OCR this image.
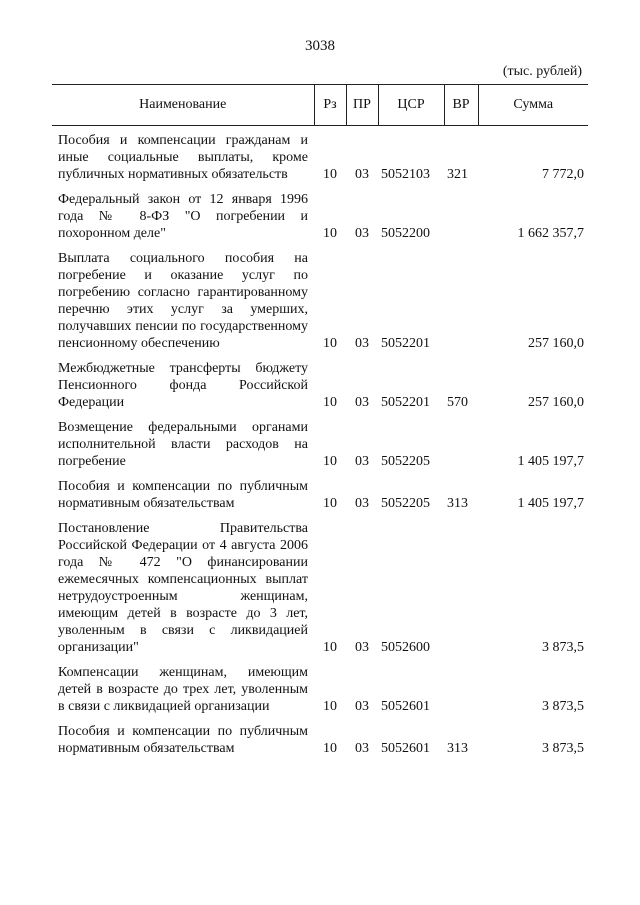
3038
(тыс. рублей)
Наименование	Рз	ПР	ЦСР	ВР	Сумма
Пособия и компенсации гражданам и иные социальные выплаты, кроме публичных нормативных обязательств	10	03	5052103	321	7 772,0
Федеральный закон от 12 января 1996 года № 8-ФЗ "О погребении и похоронном деле"	10	03	5052200		1 662 357,7
Выплата социального пособия на погребение и оказание услуг по погребению согласно гарантированному перечню этих услуг за умерших, получавших пенсии по государственному пенсионному обеспечению	10	03	5052201		257 160,0
Межбюджетные трансферты бюджету Пенсионного фонда Российской Федерации	10	03	5052201	570	257 160,0
Возмещение федеральными органами исполнительной власти расходов на погребение	10	03	5052205		1 405 197,7
Пособия и компенсации по публичным нормативным обязательствам	10	03	5052205	313	1 405 197,7
Постановление Правительства Российской Федерации от 4 августа 2006 года № 472 "О финансировании ежемесячных компенсационных выплат нетрудоустроенным женщинам, имеющим детей в возрасте до 3 лет, уволенным в связи с ликвидацией организации"	10	03	5052600		3 873,5
Компенсации женщинам, имеющим детей в возрасте до трех лет, уволенным в связи с ликвидацией организации	10	03	5052601		3 873,5
Пособия и компенсации по публичным нормативным обязательствам	10	03	5052601	313	3 873,5
